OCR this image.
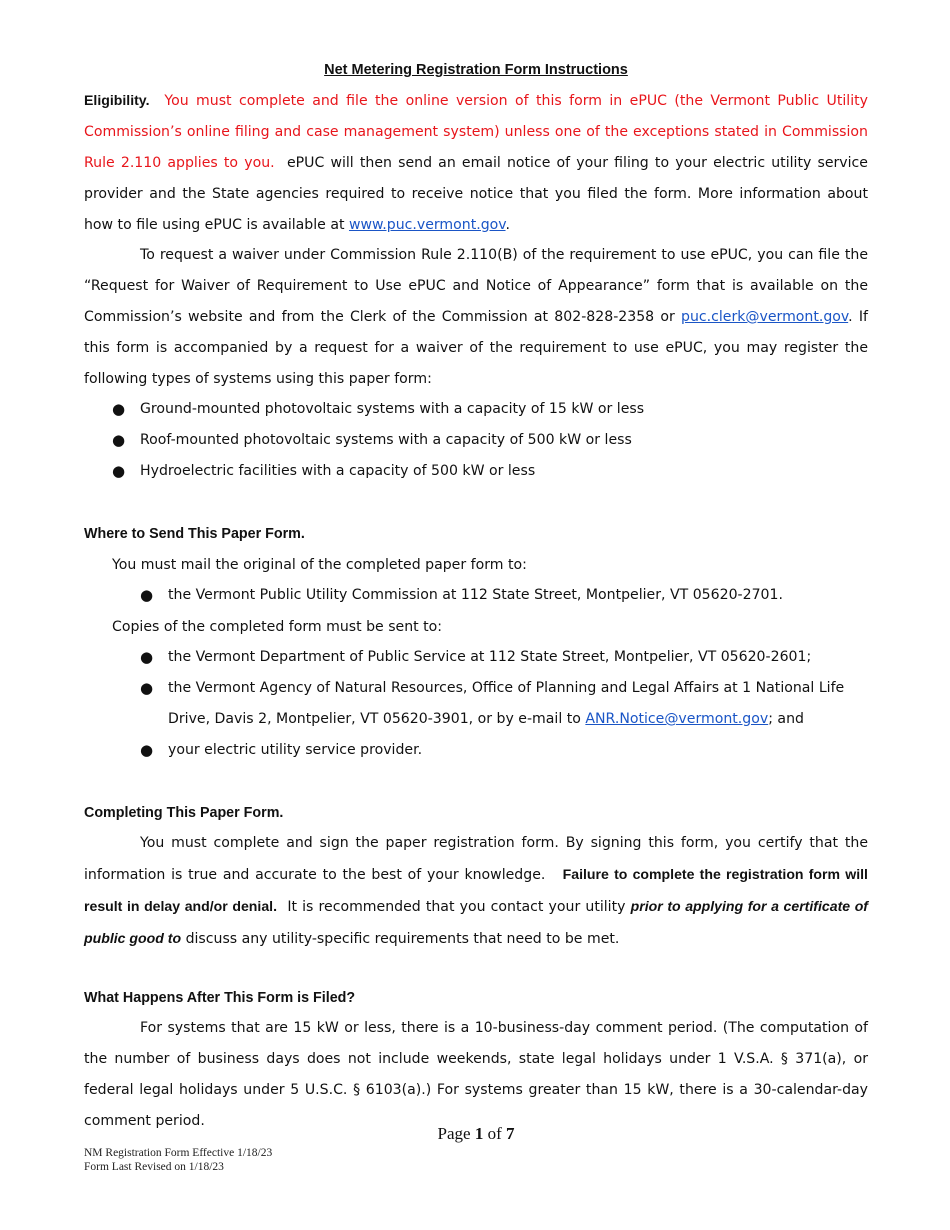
Net Metering Registration Form Instructions
Eligibility. You must complete and file the online version of this form in ePUC (the Vermont Public Utility Commission’s online filing and case management system) unless one of the exceptions stated in Commission Rule 2.110 applies to you. ePUC will then send an email notice of your filing to your electric utility service provider and the State agencies required to receive notice that you filed the form. More information about how to file using ePUC is available at www.puc.vermont.gov.
To request a waiver under Commission Rule 2.110(B) of the requirement to use ePUC, you can file the “Request for Waiver of Requirement to Use ePUC and Notice of Appearance” form that is available on the Commission’s website and from the Clerk of the Commission at 802-828-2358 or puc.clerk@vermont.gov. If this form is accompanied by a request for a waiver of the requirement to use ePUC, you may register the following types of systems using this paper form:
● Ground-mounted photovoltaic systems with a capacity of 15 kW or less
● Roof-mounted photovoltaic systems with a capacity of 500 kW or less
● Hydroelectric facilities with a capacity of 500 kW or less
Where to Send This Paper Form.
You must mail the original of the completed paper form to:
● the Vermont Public Utility Commission at 112 State Street, Montpelier, VT 05620-2701.
Copies of the completed form must be sent to:
● the Vermont Department of Public Service at 112 State Street, Montpelier, VT 05620-2601;
● the Vermont Agency of Natural Resources, Office of Planning and Legal Affairs at 1 National Life Drive, Davis 2, Montpelier, VT 05620-3901, or by e-mail to ANR.Notice@vermont.gov; and
● your electric utility service provider.
Completing This Paper Form.
You must complete and sign the paper registration form. By signing this form, you certify that the information is true and accurate to the best of your knowledge. Failure to complete the registration form will result in delay and/or denial. It is recommended that you contact your utility prior to applying for a certificate of public good to discuss any utility-specific requirements that need to be met.
What Happens After This Form is Filed?
For systems that are 15 kW or less, there is a 10-business-day comment period. (The computation of the number of business days does not include weekends, state legal holidays under 1 V.S.A. § 371(a), or federal legal holidays under 5 U.S.C. § 6103(a).) For systems greater than 15 kW, there is a 30-calendar-day comment period.
Page 1 of 7
NM Registration Form Effective 1/18/23
Form Last Revised on 1/18/23
